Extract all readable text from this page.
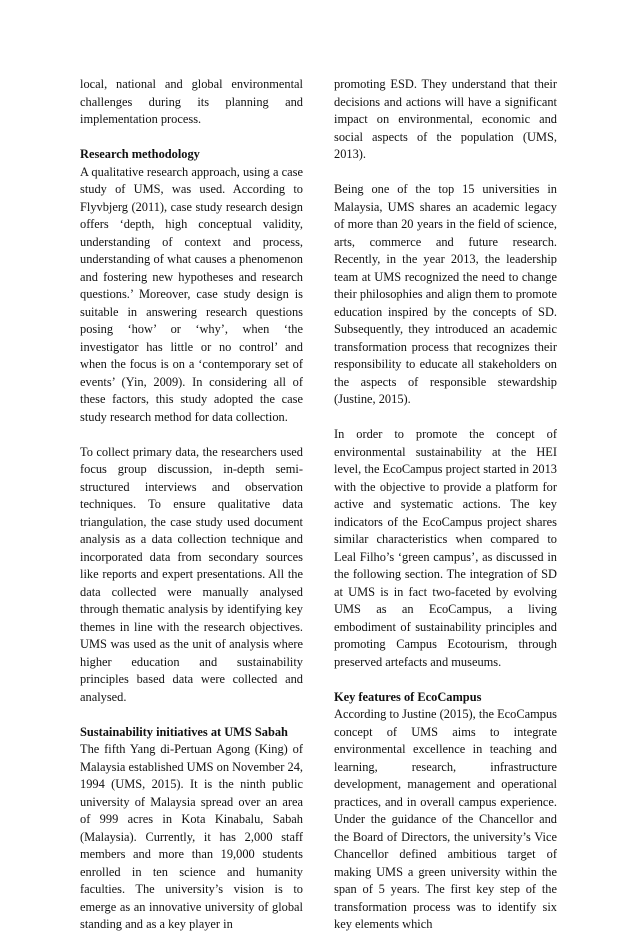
local, national and global environmental challenges during its planning and implementation process.

Research methodology

A qualitative research approach, using a case study of UMS, was used. According to Flyvbjerg (2011), case study research design offers ‘depth, high conceptual validity, understanding of context and process, understanding of what causes a phenomenon and fostering new hypotheses and research questions.’ Moreover, case study design is suitable in answering research questions posing ‘how’ or ‘why’, when ‘the investigator has little or no control’ and when the focus is on a ‘contemporary set of events’ (Yin, 2009). In considering all of these factors, this study adopted the case study research method for data collection.

To collect primary data, the researchers used focus group discussion, in-depth semi-structured interviews and observation techniques. To ensure qualitative data triangulation, the case study used document analysis as a data collection technique and incorporated data from secondary sources like reports and expert presentations. All the data collected were manually analysed through thematic analysis by identifying key themes in line with the research objectives. UMS was used as the unit of analysis where higher education and sustainability principles based data were collected and analysed.

Sustainability initiatives at UMS Sabah

The fifth Yang di-Pertuan Agong (King) of Malaysia established UMS on November 24, 1994 (UMS, 2015). It is the ninth public university of Malaysia spread over an area of 999 acres in Kota Kinabalu, Sabah (Malaysia). Currently, it has 2,000 staff members and more than 19,000 students enrolled in ten science and humanity faculties. The university’s vision is to emerge as an innovative university of global standing and as a key player in

promoting ESD. They understand that their decisions and actions will have a significant impact on environmental, economic and social aspects of the population (UMS, 2013).

Being one of the top 15 universities in Malaysia, UMS shares an academic legacy of more than 20 years in the field of science, arts, commerce and future research. Recently, in the year 2013, the leadership team at UMS recognized the need to change their philosophies and align them to promote education inspired by the concepts of SD. Subsequently, they introduced an academic transformation process that recognizes their responsibility to educate all stakeholders on the aspects of responsible stewardship (Justine, 2015).

In order to promote the concept of environmental sustainability at the HEI level, the EcoCampus project started in 2013 with the objective to provide a platform for active and systematic actions. The key indicators of the EcoCampus project shares similar characteristics when compared to Leal Filho’s ‘green campus’, as discussed in the following section. The integration of SD at UMS is in fact two-faceted by evolving UMS as an EcoCampus, a living embodiment of sustainability principles and promoting Campus Ecotourism, through preserved artefacts and museums.

Key features of EcoCampus

According to Justine (2015), the EcoCampus concept of UMS aims to integrate environmental excellence in teaching and learning, research, infrastructure development, management and operational practices, and in overall campus experience. Under the guidance of the Chancellor and the Board of Directors, the university’s Vice Chancellor defined ambitious target of making UMS a green university within the span of 5 years. The first key step of the transformation process was to identify six key elements which
